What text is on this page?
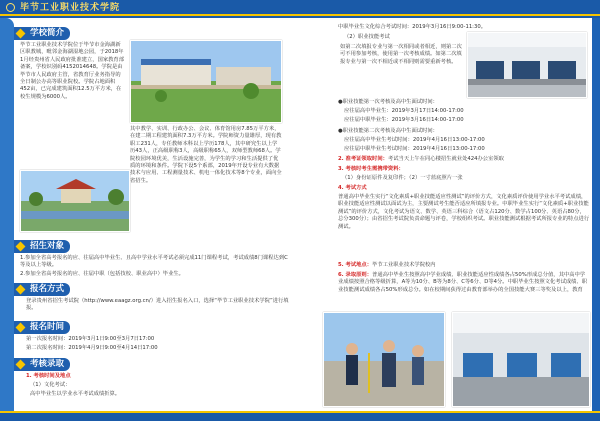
毕节工业职业技术学院
学校简介
毕节工业职业技术学院位于毕节市金海湖新区职教城，毗邻金海湖湿地公园，于2018年1月经贵州省人民政府批准建立，国家教育部备案，学校识别码4152014648。学院是由毕节市人民政府主管，省教育厅业务指导的全日制公办高等职业院校。学院占地面积452亩，已完成建筑面积12.5万平方米，在校生规模为6000人。
其中教学、实训、行政办公、会议、体育馆用房7.85万平方米，在建二期工程建筑面积7.3万平方米。学院师资力量雄厚，现有教职工231人，专任教师本科以上学历178人，其中研究生以上学历43人，正高级职称3人，高级职称65人，双师型教师68人。学院校园环境优美，生活设施完善，为学生的学习和生活提供了优质的环境和条件。学院下设5个系部，2019年开设专业有大数据技术与应用、工程测量技术、机电一体化技术等8个专业，面向全省招生。
招生对象
1.参加全省高考报名的应、往届高中毕业生、且高中学业水平考试必须完成11门课程考试，考试成绩8门课程达到C等及以上等级。
2.参加全省高考报名的应、往届中职（包括技校、职业高中）毕业生。
报名方式
登录贵州省招生考试院（http://www.eaagz.org.cn/）进入招生报名入口，选择“毕节工业职业技术学院”进行填报。
报名时间
第一次报名时间：2019年3月1日9:00至3月7日17:00
第二次报名时间：2019年4月9日9:00至4月14日17:00
考核录取
1. 考核时间及地点
（1）文化考试：
高中毕业生以学业水平考试成绩折算。
中职毕业生文化综合考试时间：2019年3月16日9:00-11:30。
（2）职业技能考试
如第二次填报专业与第一次相同或者相近，则第二次可不用参加考核，使用第一次考核成绩。如第二次填报专业与第一次不相近或不相同则需要重新考核。
●职业技能第一次考核及高中生面试时间：
应往届高中毕业生：2019年3月17日14:00-17:00
应往届中职毕业生：2019年3月16日14:00-17:00
●职业技能第二次考核及高中生面试时间：
应往届高中毕业生考试时间：2019年4月16日13:00-17:00
应往届中职毕业生考试时间：2019年4月16日13:00-17:00
2. 准考证领取时间：考试当天上午在同心楼招生就业处424办公室领取
3. 考核时考生需携带资料：
（1）身份证原件及复印件；（2）一寸蓝底照片一张
4. 考试方式
普通高中毕业生实行“文化素质+职业技能适应性测试”的评价方式，文化素质评价使用学业水平考试成绩，职业技能适应性测试以面试为主，主要测试考生能否适应所填报专业。中职毕业生实行“文化素质+职业技能测试”的评价方式，文化考试为语文、数学、英语三科综合（语文占120分、数学占100分、英语占80分，总分300分）；由省招生考试院负责命题与评卷，学校组织考试。职业技能测试根据考试所报专业的特点进行测试。
5. 考试地点：毕节工业职业技术学院校内
6. 录取原则：普通高中毕业生按照高中学业成绩、职业技能适应性成绩各占50%形成总分值，其中高中学业成绩按照合格等级折算，A等为10分、B等为8分、C等6分、D等4分。中职毕业生按照文化考试成绩、职业技能测试成绩各占50%形成总分。如在校期间获得过由教育部举办的全国技能大赛三等奖及以上，教育
